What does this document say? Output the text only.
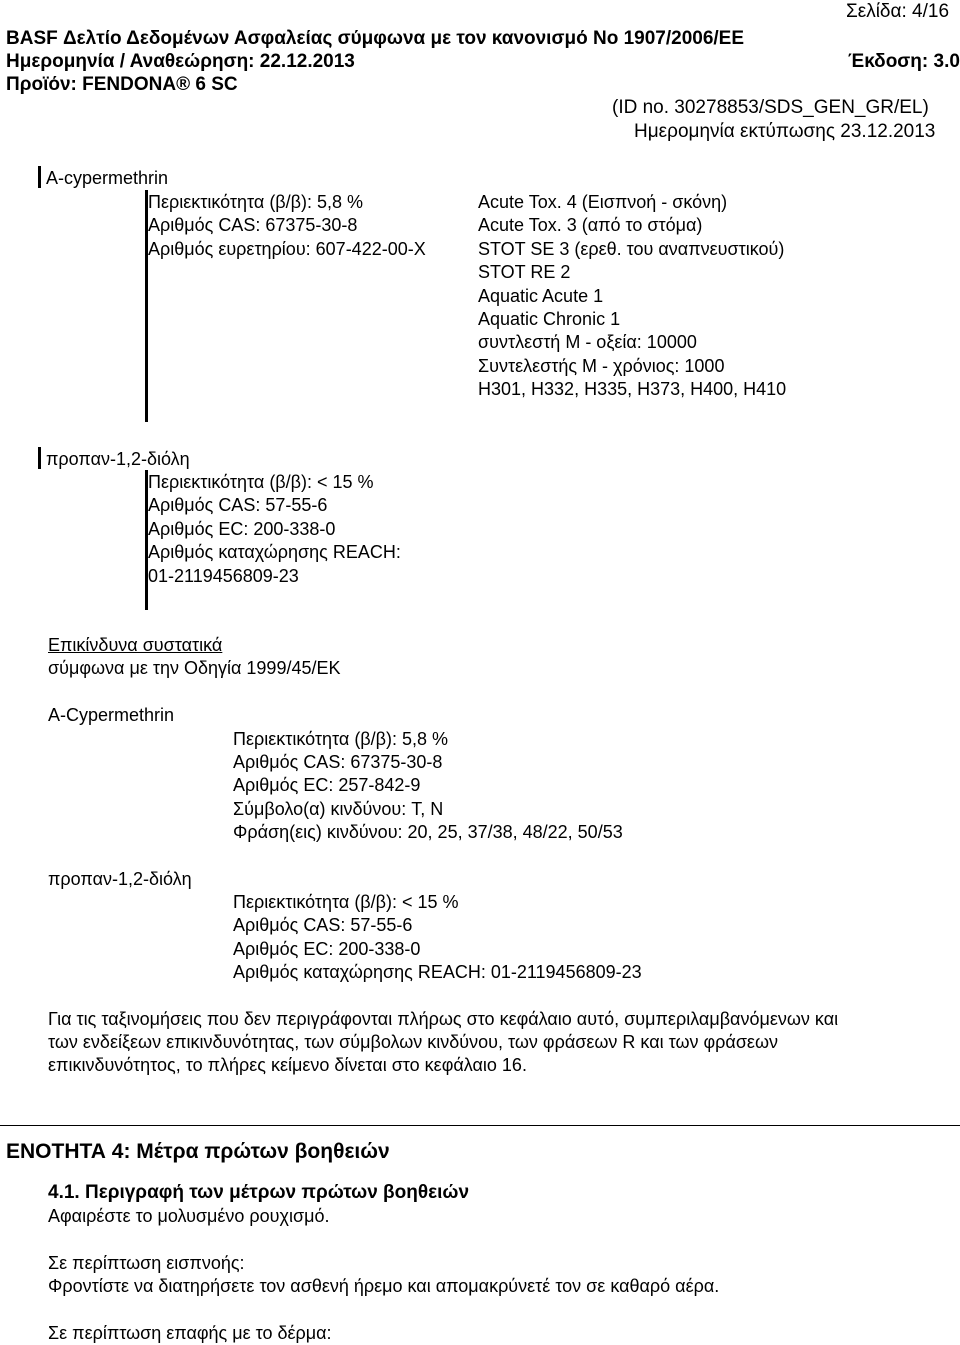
Σελίδα: 4/16
BASF Δελτίο Δεδομένων Ασφαλείας σύμφωνα με τον κανονισμό Νο 1907/2006/ΕΕ
Ημερομηνία / Αναθεώρηση: 22.12.2013	Έκδοση: 3.0
Προϊόν: FENDONA® 6 SC
(ID no. 30278853/SDS_GEN_GR/EL)
Ημερομηνία εκτύπωσης 23.12.2013
A-cypermethrin
Περιεκτικότητα (β/β): 5,8 %
Αριθμός CAS: 67375-30-8
Αριθμός ευρετηρίου: 607-422-00-X
Acute Tox. 4 (Εισπνοή - σκόνη)
Acute Tox. 3 (από το στόμα)
STOT SE 3 (ερεθ. του αναπνευστικού)
STOT RE 2
Aquatic Acute 1
Aquatic Chronic 1
συντλεστή M - οξεία: 10000
Συντελεστής M - χρόνιος: 1000
H301, H332, H335, H373, H400, H410
προπαν-1,2-διόλη
Περιεκτικότητα (β/β): < 15 %
Αριθμός CAS: 57-55-6
Αριθμός EC: 200-338-0
Αριθμός καταχώρησης REACH:
01-2119456809-23
Επικίνδυνα συστατικά
σύμφωνα με την Οδηγία 1999/45/ΕΚ
A-Cypermethrin
Περιεκτικότητα (β/β): 5,8 %
Αριθμός CAS: 67375-30-8
Αριθμός EC: 257-842-9
Σύμβολο(α) κινδύνου: T, N
Φράση(εις) κινδύνου: 20, 25, 37/38, 48/22, 50/53
προπαν-1,2-διόλη
Περιεκτικότητα (β/β): < 15 %
Αριθμός CAS: 57-55-6
Αριθμός EC: 200-338-0
Αριθμός καταχώρησης REACH: 01-2119456809-23
Για τις ταξινομήσεις που δεν περιγράφονται πλήρως στο κεφάλαιο αυτό, συμπεριλαμβανόμενων και
των ενδείξεων επικινδυνότητας, των σύμβολων κινδύνου, των φράσεων R και των φράσεων
επικινδυνότητος, το πλήρες κείμενο δίνεται στο κεφάλαιο 16.
ΕΝΟΤΗΤΑ 4: Μέτρα πρώτων βοηθειών
4.1. Περιγραφή των μέτρων πρώτων βοηθειών
Αφαιρέστε το μολυσμένο ρουχισμό.
Σε περίπτωση εισπνοής:
Φροντίστε να διατηρήσετε τον ασθενή ήρεμο και απομακρύνετέ τον σε καθαρό αέρα.
Σε περίπτωση επαφής με το δέρμα:
